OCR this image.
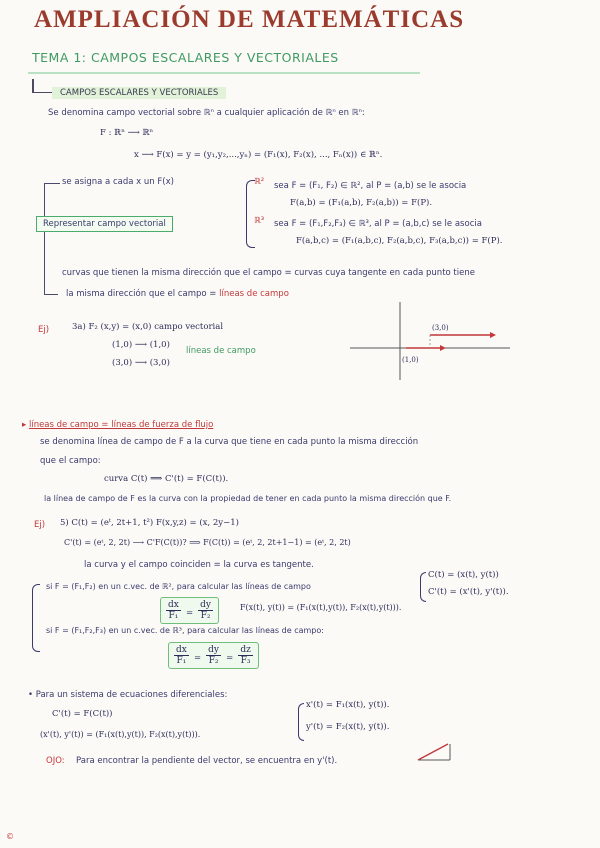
AMPLIACIÓN DE MATEMÁTICAS
TEMA 1: CAMPOS ESCALARES Y VECTORIALES
CAMPOS ESCALARES Y VECTORIALES
Se denomina campo vectorial sobre ℝⁿ a cualquier aplicación de ℝⁿ en ℝⁿ:
F : ℝⁿ ⟶ ℝⁿ
x ⟶ F(x) = y = (y₁,y₂,...,yₙ) = (F₁(x), F₂(x), ..., Fₙ(x)) ∈ ℝⁿ.
se asigna a cada x un F(x)
Representar campo vectorial
ℝ² sea F = (F₁, F₂) ∈ ℝ², al P = (a,b) se le asocia
F(a,b) = (F₁(a,b), F₂(a,b)) = F(P).
ℝ³ sea F = (F₁,F₂,F₃) ∈ ℝ³, al P = (a,b,c) se le asocia
F(a,b,c) = (F₁(a,b,c), F₂(a,b,c), F₃(a,b,c)) = F(P).
curvas que tienen la misma dirección que el campo = curvas cuya tangente en cada punto tiene
la misma dirección que el campo = líneas de campo
Ej)	3a) F₂ (x,y) = (x,0) campo vectorial
(1,0) ⟶ (1,0)
(3,0) ⟶ (3,0)
líneas de campo
(3,0)
(1,0)
▸ líneas de campo = líneas de fuerza de flujo
se denomina línea de campo de F a la curva que tiene en cada punto la misma dirección
que el campo:
curva C(t) ⟹ C'(t) = F(C(t)).
la línea de campo de F es la curva con la propiedad de tener en cada punto la misma dirección que F.
Ej) 5) C(t) = (eᵗ, 2t+1, t²) F(x,y,z) = (x, 2y−1)
C'(t) = (eᵗ, 2, 2t) ⟶ C'F(C(t))? ⟹ F(C(t)) = (eᵗ, 2, 2t+1−1) = (eᵗ, 2, 2t)
la curva y el campo coinciden = la curva es tangente.
si F = (F₁,F₂) en un c.vec. de ℝ², para calcular las líneas de campo
C(t) = (x(t), y(t))
C'(t) = (x'(t), y'(t)).
$\frac{dx}{\text{F₁}} = \frac{dy}{\text{F₂}}$	F(x(t), y(t)) = (F₁(x(t),y(t)), F₂(x(t),y(t))).
si F = (F₁,F₂,F₃) en un c.vec. de ℝ³, para calcular las líneas de campo:
$\frac{dx}{\text{F₁}} = \frac{dy}{\text{F₂}} = \frac{dz}{\text{F₃}}$
• Para un sistema de ecuaciones diferenciales:
C'(t) = F(C(t))
(x'(t), y'(t)) = (F₁(x(t),y(t)), F₂(x(t),y(t))).
x'(t) = F₁(x(t), y(t)).
y'(t) = F₂(x(t), y(t)).
OJO: Para encontrar la pendiente del vector, se encuentra en y'(t).
©
